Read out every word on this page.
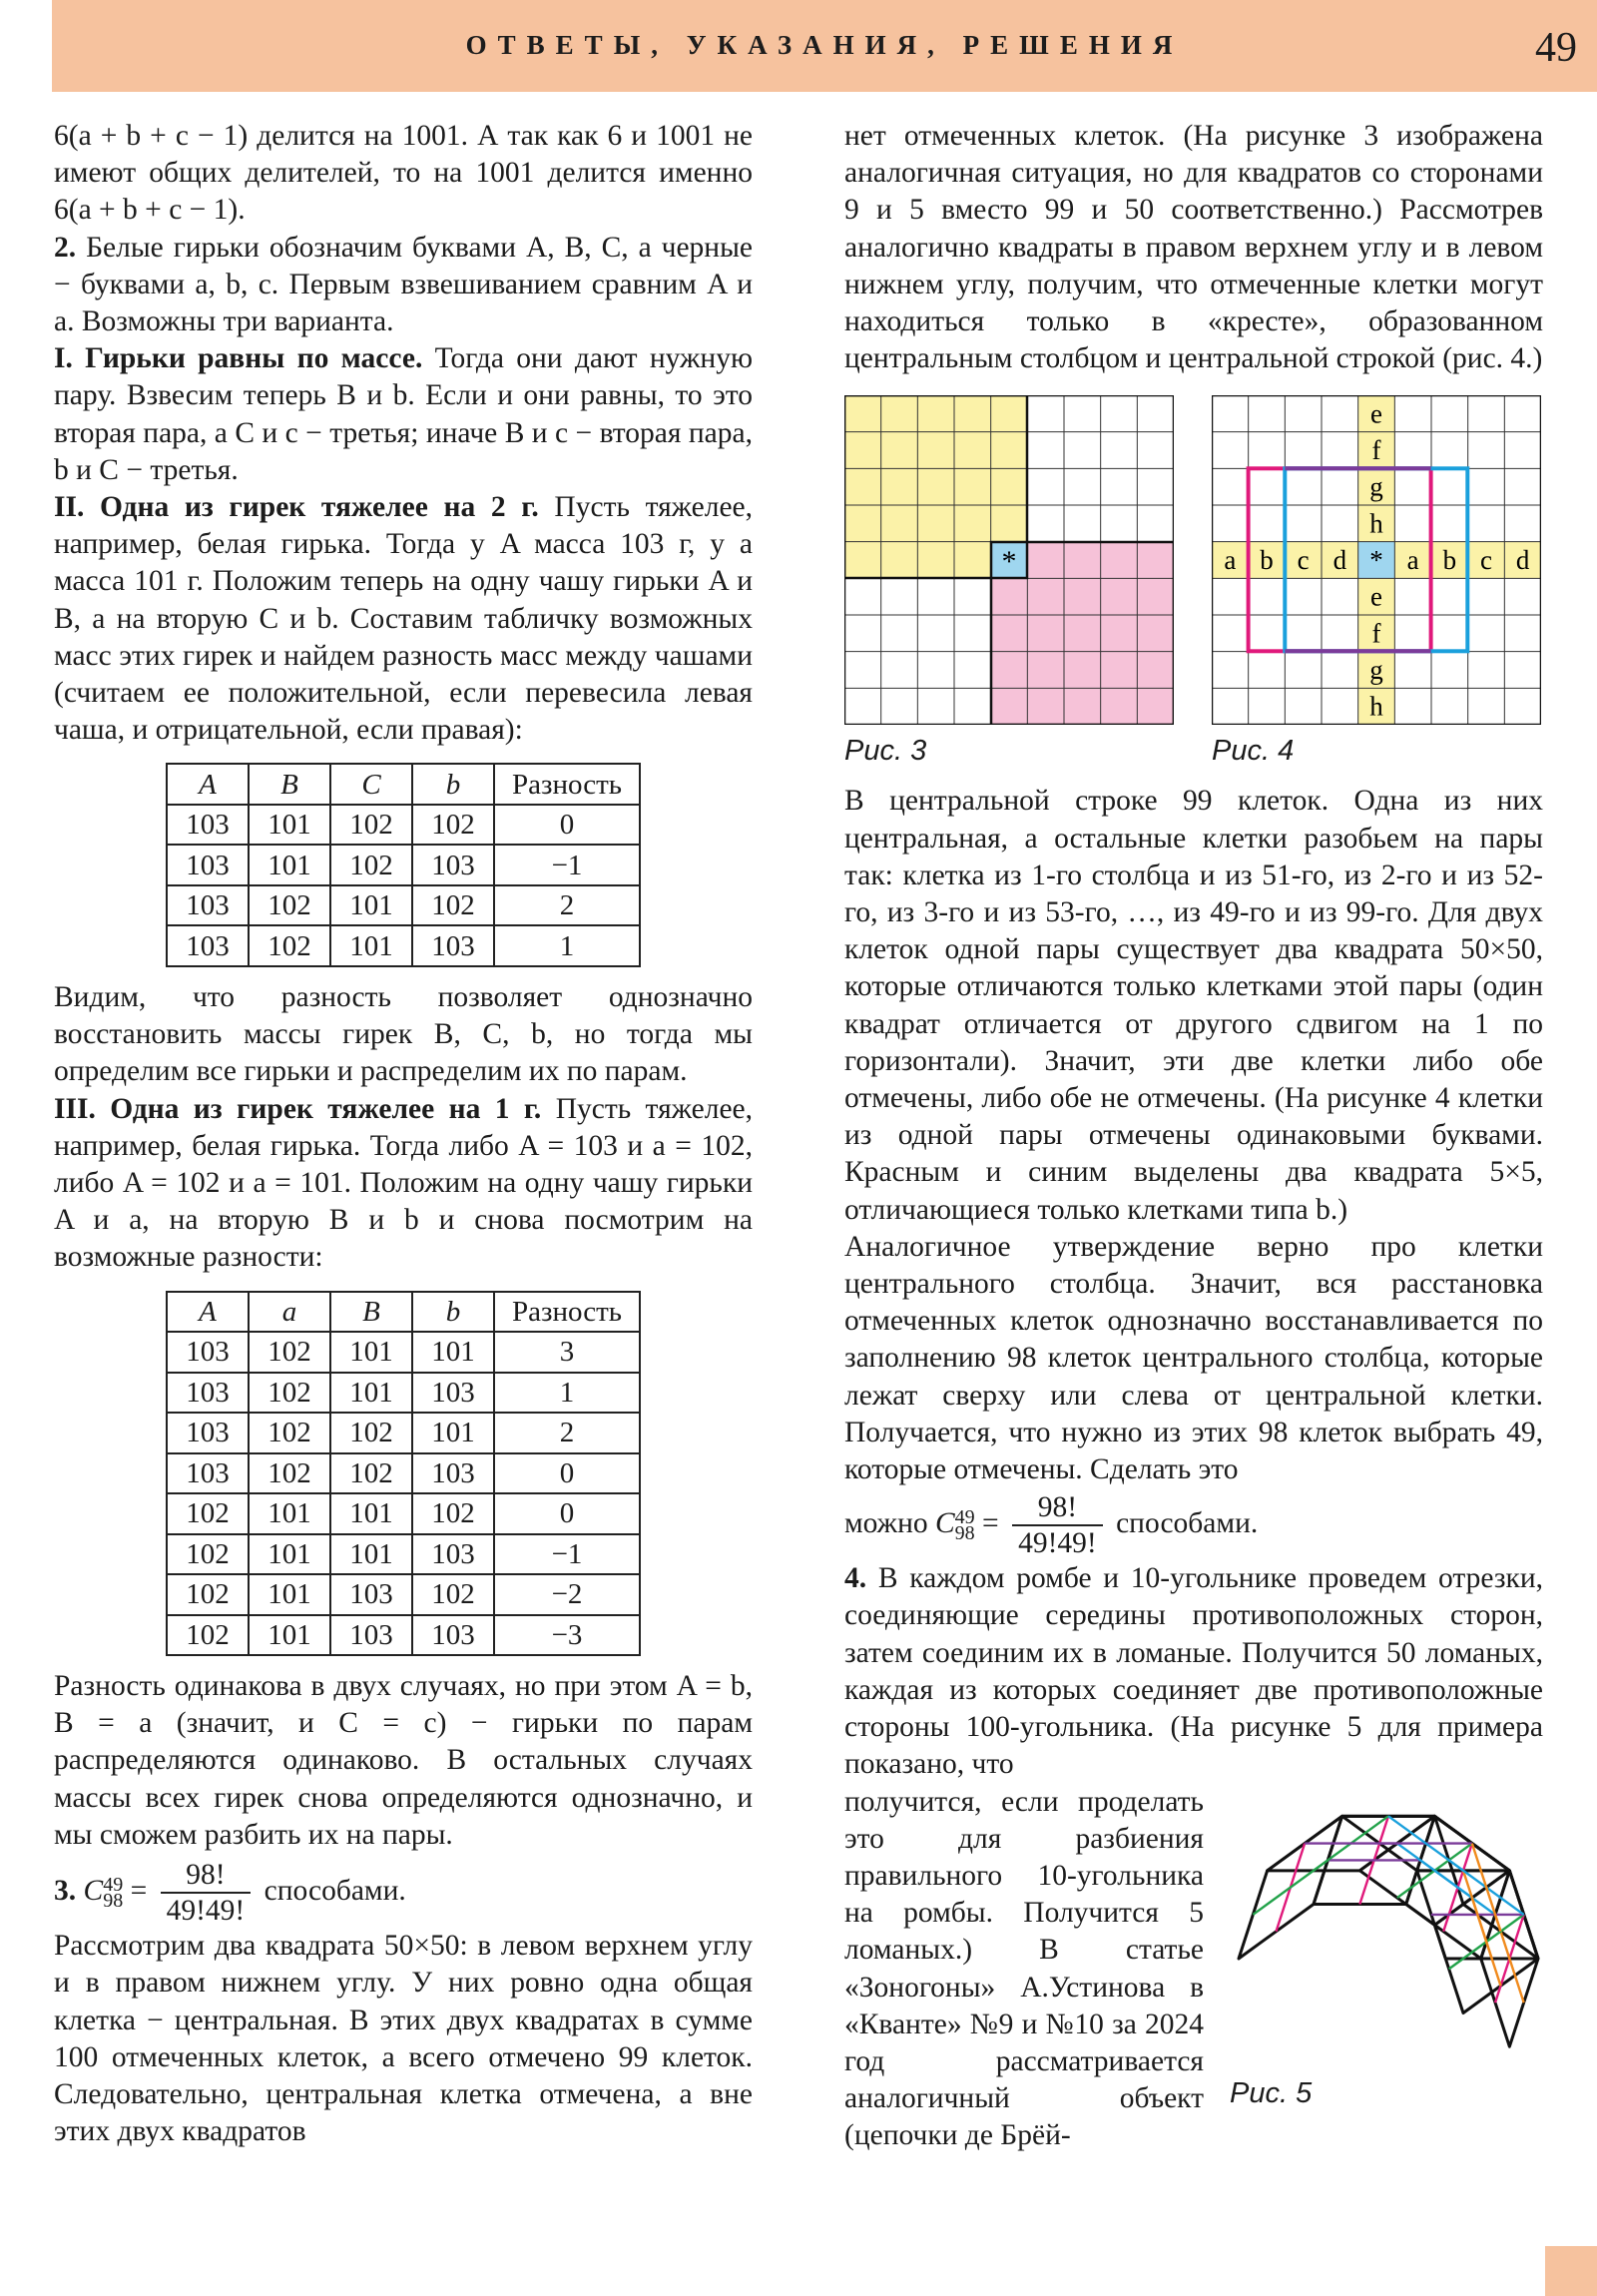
ОТВЕТЫ, УКАЗАНИЯ, РЕШЕНИЯ	49

6(a + b + c − 1) делится на 1001. А так как 6 и 1001 не имеют общих делителей, то на 1001 делится именно 6(a + b + c − 1).

2. Белые гирьки обозначим буквами A, B, C, а черные − буквами a, b, c. Первым взвешиванием сравним A и a. Возможны три варианта.

I. Гирьки равны по массе. Тогда они дают нужную пару. Взвесим теперь B и b. Если и они равны, то это вторая пара, а C и c − третья; иначе B и c − вторая пара, b и C − третья.

II. Одна из гирек тяжелее на 2 г. Пусть тяжелее, например, белая гирька. Тогда у A масса 103 г, у a масса 101 г. Положим теперь на одну чашу гирьки A и B, а на вторую C и b. Составим табличку возможных масс этих гирек и найдем разность масс между чашами (считаем ее положительной, если перевесила левая чаша, и отрицательной, если правая):

A	B	C	b	Разность
103	101	102	102	0
103	101	102	103	−1
103	102	101	102	2
103	102	101	103	1

Видим, что разность позволяет однозначно восстановить массы гирек B, C, b, но тогда мы определим все гирьки и распределим их по парам.

III. Одна из гирек тяжелее на 1 г. Пусть тяжелее, например, белая гирька. Тогда либо A = 103 и a = 102, либо A = 102 и a = 101. Положим на одну чашу гирьки A и a, на вторую B и b и снова посмотрим на возможные разности:

A	a	B	b	Разность
103	102	101	101	3
103	102	101	103	1
103	102	102	101	2
103	102	102	103	0
102	101	101	102	0
102	101	101	103	−1
102	101	103	102	−2
102	101	103	103	−3

Разность одинакова в двух случаях, но при этом A = b, B = a (значит, и C = c) − гирьки по парам распределяются одинаково. В остальных случаях массы всех гирек снова определяются однозначно, и мы сможем разбить их на пары.

3. C 49
$98 = \frac{98!}{49!49!}$ способами.

Рассмотрим два квадрата 50×50: в левом верхнем углу и в правом нижнем углу. У них ровно одна общая клетка − центральная. В этих двух квадратах в сумме 100 отмеченных клеток, а всего отмечено 99 клеток. Следовательно, центральная клетка отмечена, а вне этих двух квадратов

нет отмеченных клеток. (На рисунке 3 изображена аналогичная ситуация, но для квадратов со сторонами 9 и 5 вместо 99 и 50 соответственно.) Рассмотрев аналогично квадраты в правом верхнем углу и в левом нижнем углу, получим, что отмеченные клетки могут находиться только в «кресте», образованном центральным столбцом и центральной строкой (рис. 4.)

*
Рис. 3
e
a
f
b
g
c
h
d *
e
a
f
b
g
c
h
d
Рис. 4

В центральной строке 99 клеток. Одна из них центральная, а остальные клетки разобьем на пары так: клетка из 1-го столбца и из 51-го, из 2-го и из 52-го, из 3-го и из 53-го, …, из 49-го и из 99-го. Для двух клеток одной пары существует два квадрата 50×50, которые отличаются только клетками этой пары (один квадрат отличается от другого сдвигом на 1 по горизонтали). Значит, эти две клетки либо обе отмечены, либо обе не отмечены. (На рисунке 4 клетки из одной пары отмечены одинаковыми буквами. Красным и синим выделены два квадрата 5×5, отличающиеся только клетками типа b.)

Аналогичное утверждение верно про клетки центрального столбца. Значит, вся расстановка отмеченных клеток однозначно восстанавливается по заполнению 98 клеток центрального столбца, которые лежат сверху или слева от центральной клетки. Получается, что нужно из этих 98 клеток выбрать 49, которые отмечены. Сделать это

можно C 49
$98 = \frac{98!}{49!49!}$ способами.

4. В каждом ромбе и 10-угольнике проведем отрезки, соединяющие середины противоположных сторон, затем соединим их в ломаные. Получится 50 ломаных, каждая из которых соединяет две противоположные стороны 100-угольника. (На рисунке 5 для примера показано, что

получится, если проделать это для разбиения правильного 10-угольника на ромбы. Получится 5 ломаных.) В статье «Зоногоны» А.Устинова в «Кванте» №9 и №10 за 2024 год рассматривается аналогичный объект (цепочки де Брёй-

Рис. 5
